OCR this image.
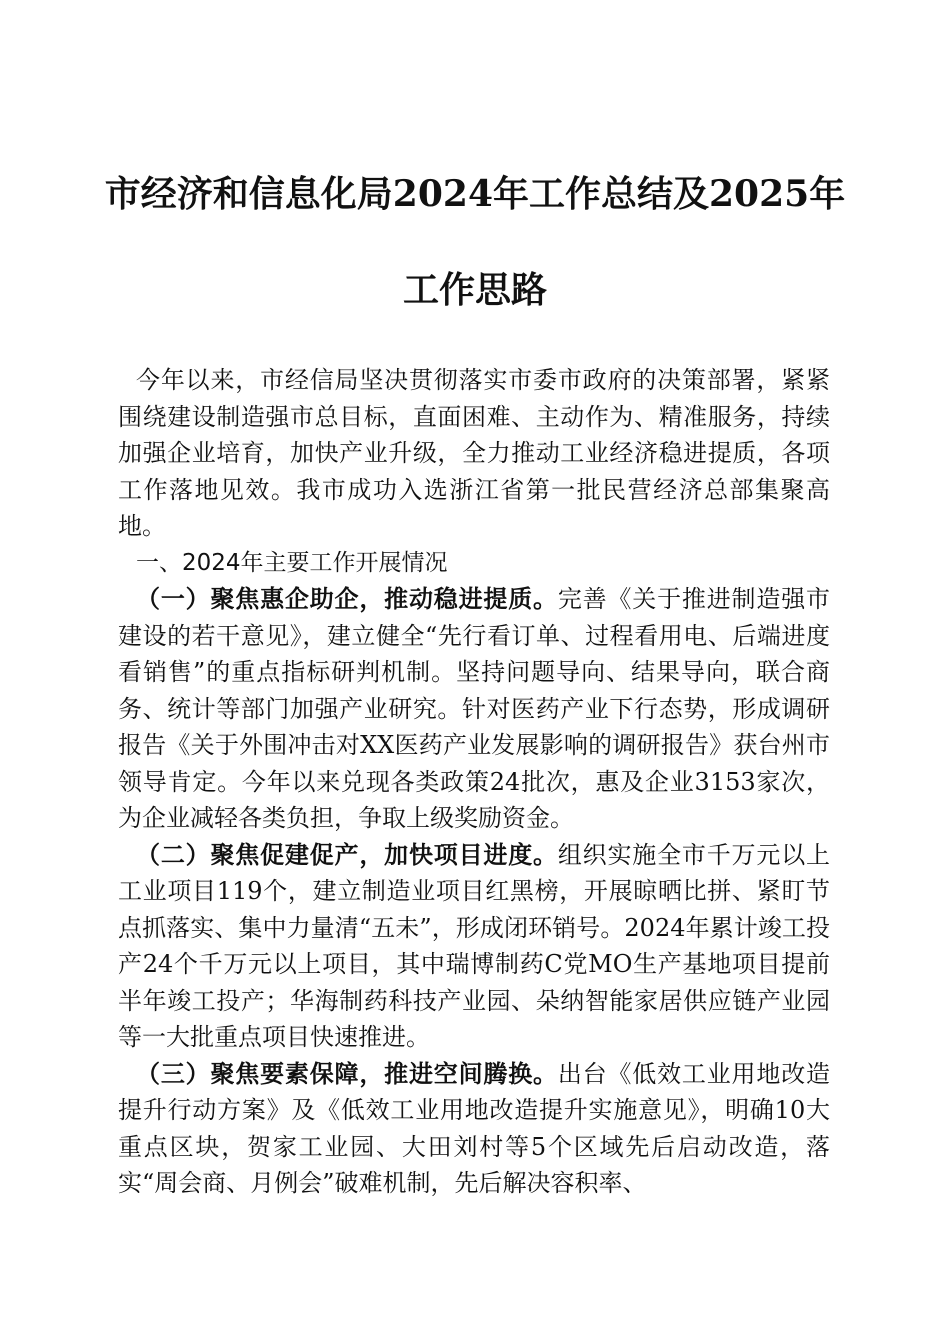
市经济和信息化局2024年工作总结及2025年
工作思路

今年以来，市经信局坚决贯彻落实市委市政府的决策部署，紧紧围绕建设制造强市总目标，直面困难、主动作为、精准服务，持续加强企业培育，加快产业升级，全力推动工业经济稳进提质，各项工作落地见效。我市成功入选浙江省第一批民营经济总部集聚高地。

一、2024年主要工作开展情况

（一）聚焦惠企助企，推动稳进提质。完善《关于推进制造强市建设的若干意见》，建立健全“先行看订单、过程看用电、后端进度看销售”的重点指标研判机制。坚持问题导向、结果导向，联合商务、统计等部门加强产业研究。针对医药产业下行态势，形成调研报告《关于外围冲击对XX医药产业发展影响的调研报告》获台州市领导肯定。今年以来兑现各类政策24批次，惠及企业3153家次，为企业减轻各类负担，争取上级奖励资金。

（二）聚焦促建促产，加快项目进度。组织实施全市千万元以上工业项目119个，建立制造业项目红黑榜，开展晾晒比拼、紧盯节点抓落实、集中力量清“五未”，形成闭环销号。2024年累计竣工投产24个千万元以上项目，其中瑞博制药C党MO生产基地项目提前半年竣工投产；华海制药科技产业园、朵纳智能家居供应链产业园等一大批重点项目快速推进。

（三）聚焦要素保障，推进空间腾换。出台《低效工业用地改造提升行动方案》及《低效工业用地改造提升实施意见》，明确10大重点区块，贺家工业园、大田刘村等5个区域先后启动改造，落实“周会商、月例会”破难机制，先后解决容积率、
